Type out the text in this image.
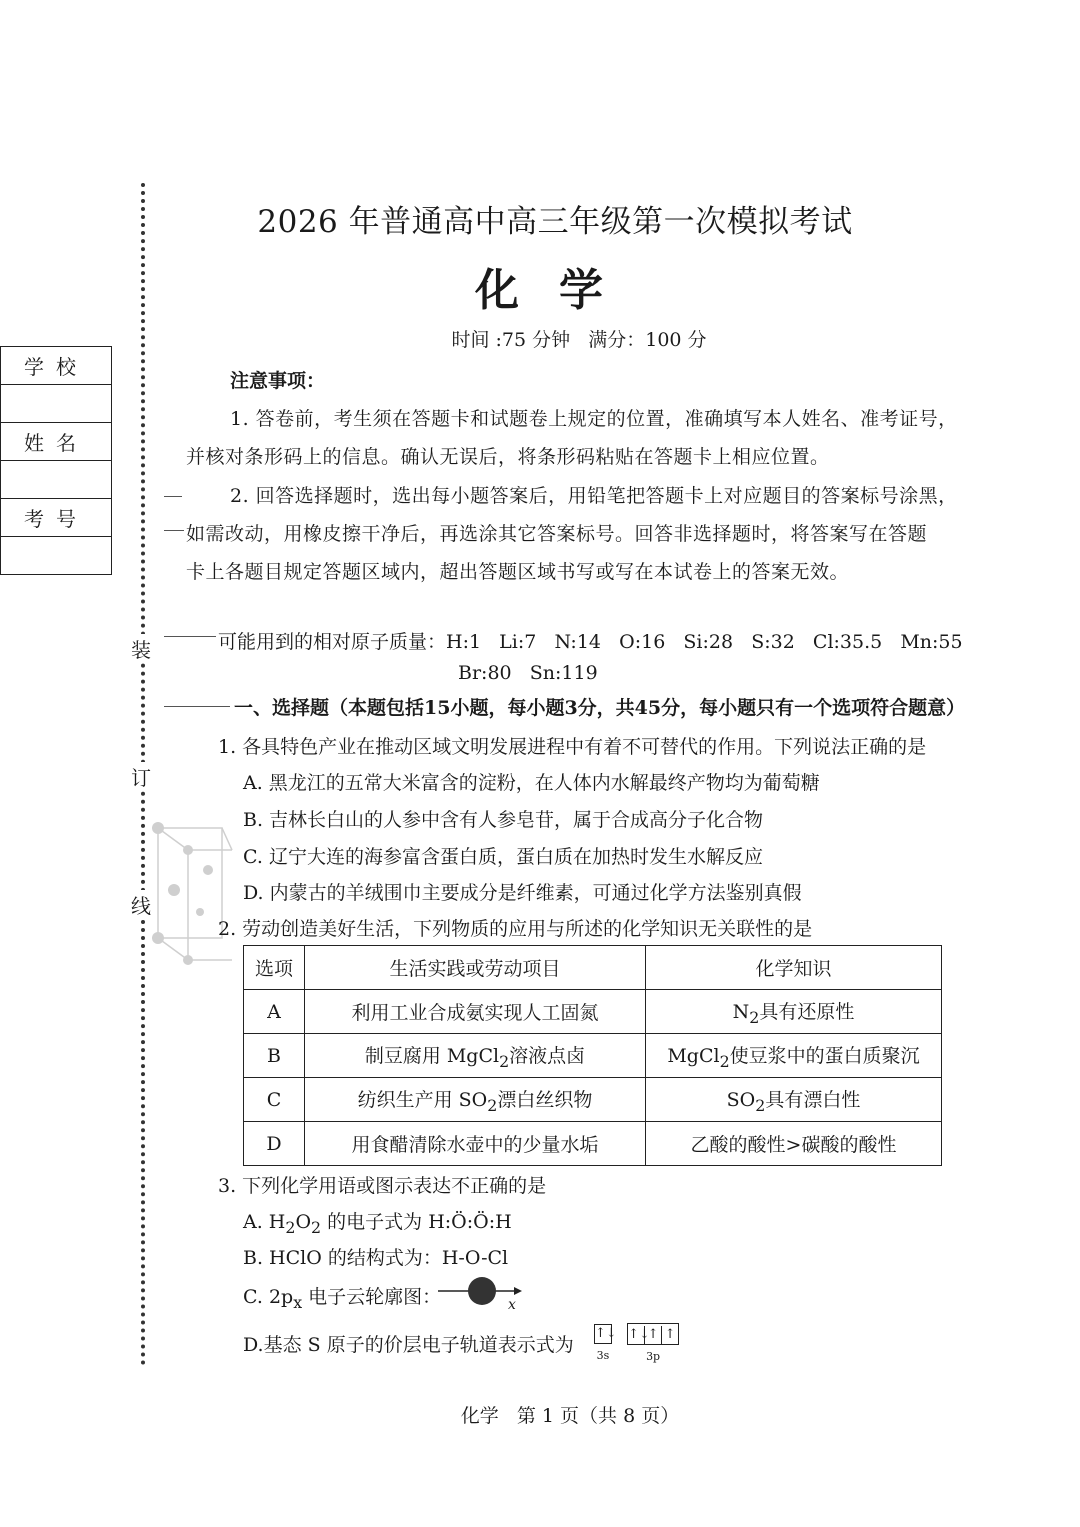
学校

姓名

考号

装
订
线
2026 年普通高中高三年级第一次模拟考试
化学
时间 :75 分钟   满分：100 分
注意事项：
1. 答卷前，考生须在答题卡和试题卷上规定的位置，准确填写本人姓名、准考证号，
并核对条形码上的信息。确认无误后，将条形码粘贴在答题卡上相应位置。
2. 回答选择题时，选出每小题答案后，用铅笔把答题卡上对应题目的答案标号涂黑，
如需改动，用橡皮擦干净后，再选涂其它答案标号。回答非选择题时，将答案写在答题
卡上各题目规定答题区域内，超出答题区域书写或写在本试卷上的答案无效。
可能用到的相对原子质量：H:1   Li:7   N:14   O:16   Si:28   S:32   Cl:35.5   Mn:55
Br:80   Sn:119
一、选择题（本题包括15小题，每小题3分，共45分，每小题只有一个选项符合题意）
1. 各具特色产业在推动区域文明发展进程中有着不可替代的作用。下列说法正确的是
A. 黑龙江的五常大米富含的淀粉，在人体内水解最终产物均为葡萄糖
B. 吉林长白山的人参中含有人参皂苷，属于合成高分子化合物
C. 辽宁大连的海参富含蛋白质，蛋白质在加热时发生水解反应
D. 内蒙古的羊绒围巾主要成分是纤维素，可通过化学方法鉴别真假
2. 劳动创造美好生活，下列物质的应用与所述的化学知识无关联性的是
选项	生活实践或劳动项目	化学知识
A	利用工业合成氨实现人工固氮	$N_2$具有还原性
B	制豆腐用 MgCl$_2$溶液点卤	MgCl$_2$使豆浆中的蛋白质聚沉
C	纺织生产用 $SO_2$漂白丝织物	$SO_2$具有漂白性
D	用食醋清除水壶中的少量水垢	乙酸的酸性>碳酸的酸性
3. 下列化学用语或图示表达不正确的是
A. $H_2O_2$ 的电子式为 H:Ö:Ö:H
B. HClO 的结构式为：H-O-Cl
C. $2p_x$ 电子云轮廓图：	x
D.基态 S 原子的价层电子轨道表示式为
↑↓
3s ↑↓↑ ↑
3p
化学   第 1 页（共 8 页）
